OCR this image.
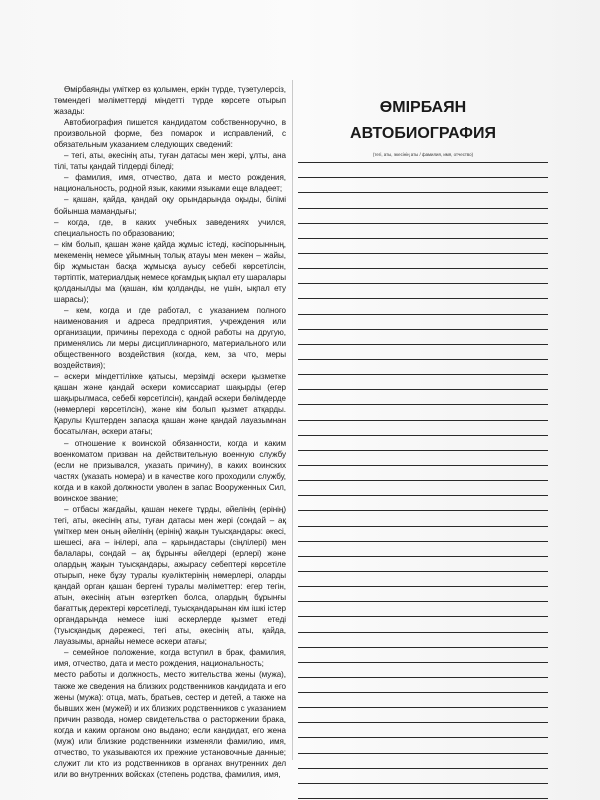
Өмірбаянды үміткер өз қолымен, еркін түрде, түзетулерсіз, төмендегі мәліметтерді міндетті түрде көрсете отырып жазады:

Автобиография пишется кандидатом собственноручно, в произвольной форме, без помарок и исправлений, с обязательным указанием следующих сведений:

– тегі, аты, әкесінің аты, туған датасы мен жері, ұлты, ана тілі, таты қандай тілдерді біледі;

– фамилия, имя, отчество, дата и место рождения, национальность, родной язык, какими языками еще владеет;

– қашан, қайда, қандай оқу орындарында оқыды, білімі бойынша мамандығы;

– когда, где, в каких учебных заведениях учился, специальность по образованию;

– кім болып, қашан және қайда жұмыс істеді, кәсіпорынның, мекеменің немесе ұйымның толық атауы мен мекен – жайы, бір жұмыстан басқа жұмысқа ауысу себебі көрсетілсін, тәртіптік, материалдық немесе қоғамдық ықпал ету шаралары қолданылды ма (қашан, кім қолданды, не үшін, ықпал ету шарасы);

– кем, когда и где работал, с указанием полного наименования и адреса предприятия, учреждения или организации, причины перехода с одной работы на другую, применялись ли меры дисциплинарного, материального или общественного воздействия (когда, кем, за что, меры воздействия);

– әскери міндеттілікке қатысы, мерзімді әскери қызметке қашан және қандай әскери комиссариат шақырды (егер шақырылмаса, себебі көрсетілсін), қандай әскери бөлімдерде (нөмерлері көрсетілсін), және кім болып қызмет атқарды. Қарулы Күштерден запасқа қашан және қандай лауазымнан босатылған, әскери атағы;

– отношение к воинской обязанности, когда и каким военкоматом призван на действительную военную службу (если не призывался, указать причину), в каких воинских частях (указать номера) и в качестве кого проходили службу, когда и в какой должности уволен в запас Вооруженных Сил, воинское звание;

– отбасы жағдайы, қашан некеге тұрды, әйелінің (ерінің) тегі, аты, әкесінің аты, туған датасы мен жері (сондай – ақ үміткер мен оның әйелінің (ерінің) жақын туысқандары: әкесі, шешесі, аға – інілері, апа – қарындастары (сіңлілері) мен балалары, сондай – ақ бұрынғы әйелдері (ерлері) және олардың жақын туысқандары, ажырасу себептері көрсетіле отырып, неке бұзу туралы куәліктерінің нөмерлері, оларды қандай орган қашан бергені туралы мәліметтер: егер тегін, атын, әкесінің атын өзгертken болса, олардың бұрынғы бағаттық деректері көрсетіледі, туысқандарынан кім ішкі істер органдарында немесе ішкі әскерлерде қызмет етеді (туысқандық дәрежесі, тегі аты, әкесінің аты, қайда, лауазымы, арнайы немесе әскери атағы;

– семейное положение, когда вступил в брак, фамилия, имя, отчество, дата и место рождения, национальность;

место работы и должность, место жительства жены (мужа), также же сведения на близких родственников кандидата и его жены (мужа): отца, мать, братьев, сестер и детей, а также на бывших жен (мужей) и их близких родственников с указанием причин развода, номер свидетельства о расторжении брака, когда и каким органом оно выдано; если кандидат, его жена (муж) или близкие родственники изменяли фамилию, имя, отчество, то указываются их прежние установочные данные; служит ли кто из родственников в органах внутренних дел или во внутренних войсках (степень родства, фамилия, имя,

ӨМІРБАЯН
АВТОБИОГРАФИЯ
(тегі, аты, әкесінің аты / фамилия, имя, отчество)
